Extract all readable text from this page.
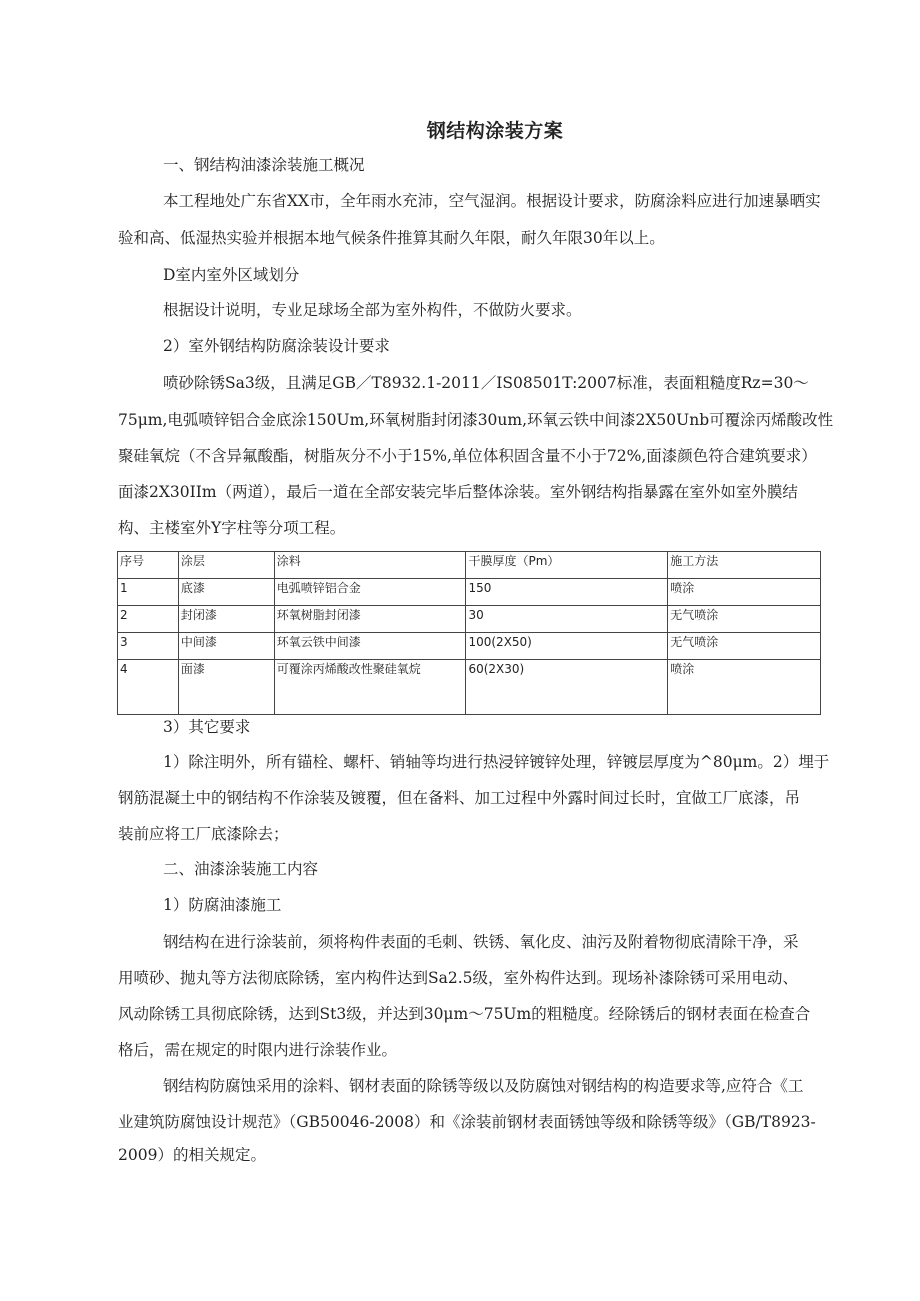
钢结构涂装方案
一、钢结构油漆涂装施工概况
本工程地处广东省XX市，全年雨水充沛，空气湿润。根据设计要求，防腐涂料应进行加速暴晒实
验和高、低湿热实验并根据本地气候条件推算其耐久年限，耐久年限30年以上。
D室内室外区域划分
根据设计说明，专业足球场全部为室外构件，不做防火要求。
2）室外钢结构防腐涂装设计要求
喷砂除锈Sa3级，且满足GB／T8932.1-2011／IS08501T:2007标准，表面粗糙度Rz=30～
75μm,电弧喷锌铝合金底涂150Um,环氧树脂封闭漆30um,环氧云铁中间漆2X50Unb可覆涂丙烯酸改性
聚硅氧烷（不含异氟酸酯，树脂灰分不小于15%,单位体积固含量不小于72%,面漆颜色符合建筑要求）
面漆2X30IIm（两道），最后一道在全部安装完毕后整体涂装。室外钢结构指暴露在室外如室外膜结
构、主楼室外Y字柱等分项工程。
序号	涂层	涂料	干膜厚度（Pm）	施工方法
1	底漆	电弧喷锌铝合金	150	喷涂
2	封闭漆	环氧树脂封闭漆	30	无气喷涂
3	中间漆	环氧云铁中间漆	100(2X50)	无气喷涂
4	面漆	可覆涂丙烯酸改性聚硅氧烷	60(2X30)	喷涂
3）其它要求
1）除注明外，所有锚栓、螺杆、销轴等均进行热浸锌镀锌处理，锌镀层厚度为^80μm。2）埋于
钢筋混凝土中的钢结构不作涂装及镀覆，但在备料、加工过程中外露时间过长时，宜做工厂底漆，吊
装前应将工厂底漆除去；
二、油漆涂装施工内容
1）防腐油漆施工
钢结构在进行涂装前，须将构件表面的毛刺、铁锈、氧化皮、油污及附着物彻底清除干净，采
用喷砂、抛丸等方法彻底除锈，室内构件达到Sa2.5级，室外构件达到。现场补漆除锈可采用电动、
风动除锈工具彻底除锈，达到St3级，并达到30μm～75Um的粗糙度。经除锈后的钢材表面在检查合
格后，需在规定的时限内进行涂装作业。
钢结构防腐蚀采用的涂料、钢材表面的除锈等级以及防腐蚀对钢结构的构造要求等,应符合《工
业建筑防腐蚀设计规范》（GB50046-2008）和《涂装前钢材表面锈蚀等级和除锈等级》（GB/T8923-
2009）的相关规定。
